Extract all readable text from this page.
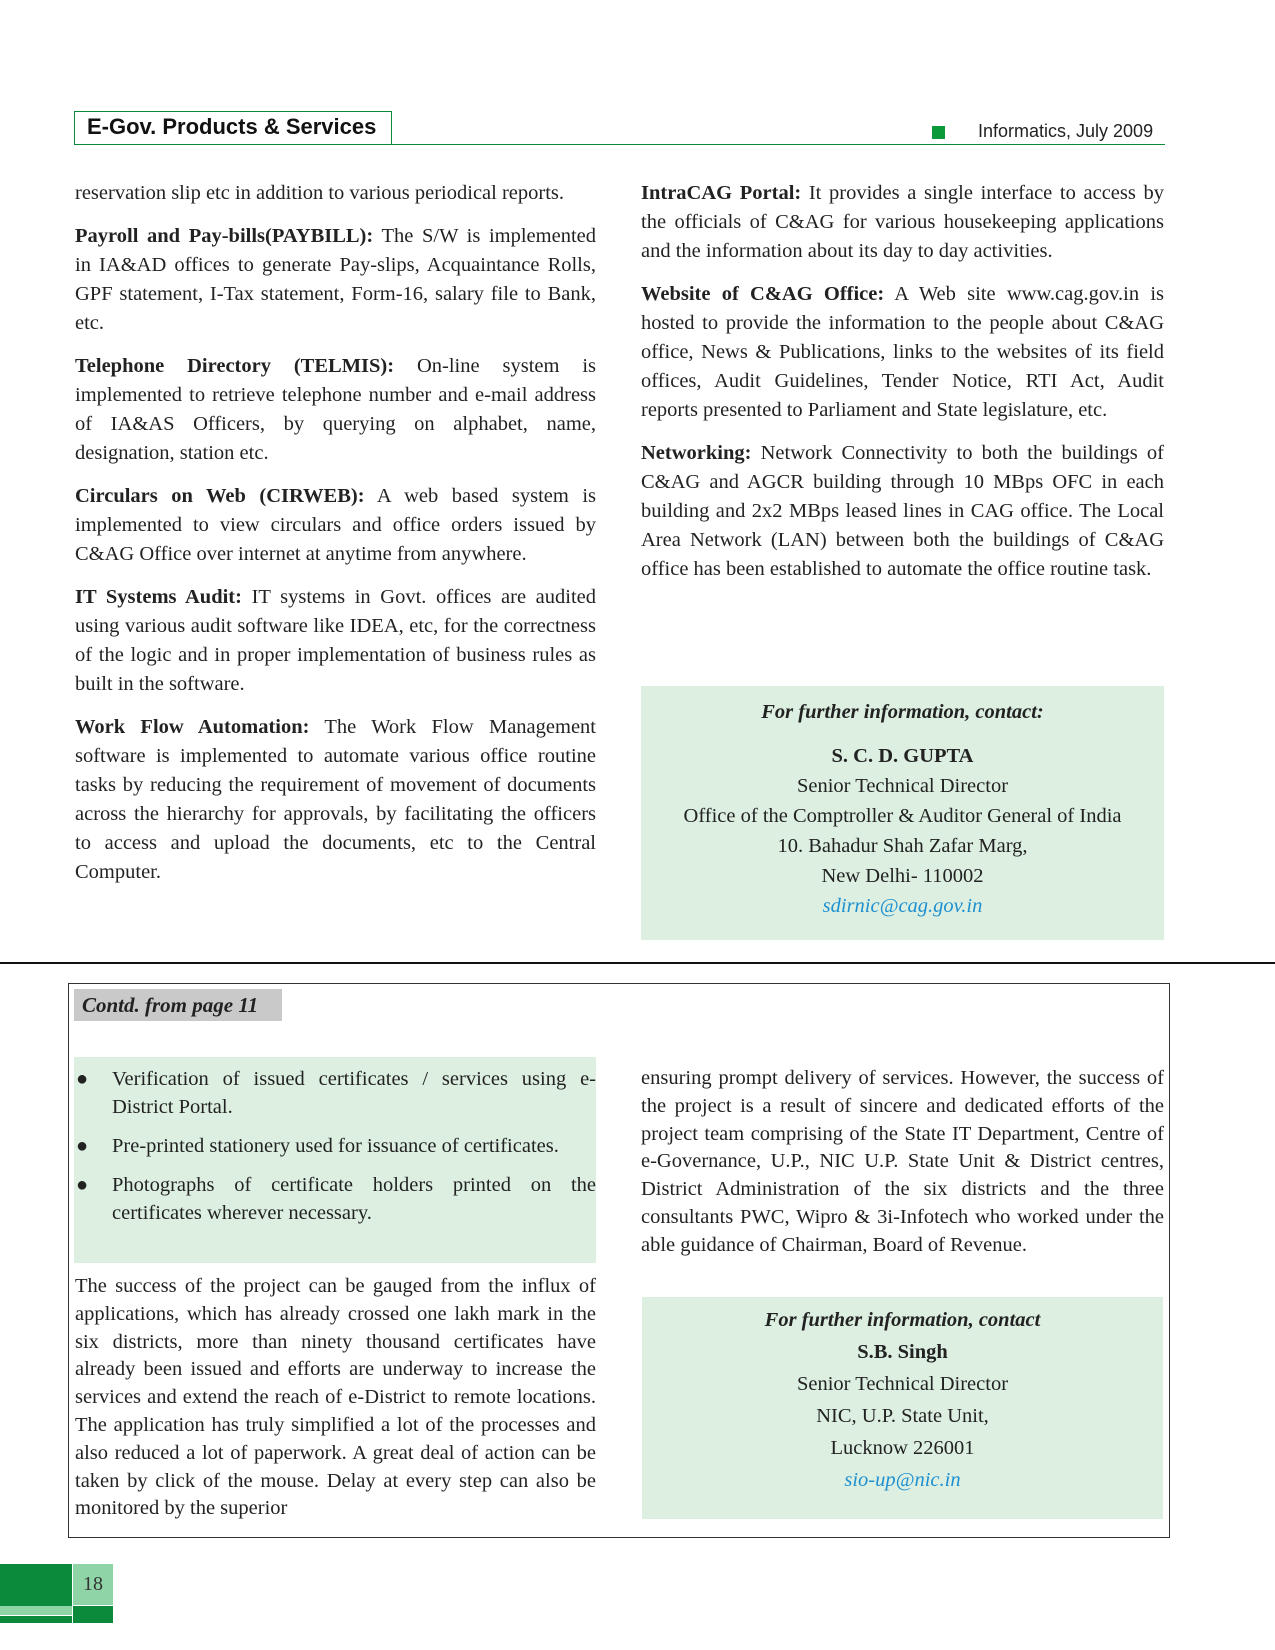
E-Gov. Products & Services	Informatics, July 2009

reservation slip etc in addition to various periodical reports.

Payroll and Pay-bills(PAYBILL): The S/W is implemented in IA&AD offices to generate Pay-slips, Acquaintance Rolls, GPF statement, I-Tax statement, Form-16, salary file to Bank, etc.

Telephone Directory (TELMIS): On-line system is implemented to retrieve telephone number and e-mail address of IA&AS Officers, by querying on alphabet, name, designation, station etc.

Circulars on Web (CIRWEB): A web based system is implemented to view circulars and office orders issued by C&AG Office over internet at anytime from anywhere.

IT Systems Audit: IT systems in Govt. offices are audited using various audit software like IDEA, etc, for the correctness of the logic and in proper implementation of business rules as built in the software.

Work Flow Automation: The Work Flow Management software is implemented to automate various office routine tasks by reducing the requirement of movement of documents across the hierarchy for approvals, by facilitating the officers to access and upload the documents, etc to the Central Computer.

IntraCAG Portal: It provides a single interface to access by the officials of C&AG for various housekeeping applications and the information about its day to day activities.

Website of C&AG Office: A Web site www.cag.gov.in is hosted to provide the information to the people about C&AG office, News & Publications, links to the websites of its field offices, Audit Guidelines, Tender Notice, RTI Act, Audit reports presented to Parliament and State legislature, etc.

Networking: Network Connectivity to both the buildings of C&AG and AGCR building through 10 MBps OFC in each building and 2x2 MBps leased lines in CAG office. The Local Area Network (LAN) between both the buildings of C&AG office has been established to automate the office routine task.

For further information, contact:
S. C. D. GUPTA
Senior Technical Director
Office of the Comptroller & Auditor General of India
10. Bahadur Shah Zafar Marg,
New Delhi- 110002
sdirnic@cag.gov.in
Contd. from page 11
● Verification of issued certificates / services using e-District Portal.
● Pre-printed stationery used for issuance of certificates.
● Photographs of certificate holders printed on the certificates wherever necessary.

The success of the project can be gauged from the influx of applications, which has already crossed one lakh mark in the six districts, more than ninety thousand certificates have already been issued and efforts are underway to increase the services and extend the reach of e-District to remote locations. The application has truly simplified a lot of the processes and also reduced a lot of paperwork. A great deal of action can be taken by click of the mouse. Delay at every step can also be monitored by the superior

ensuring prompt delivery of services. However, the success of the project is a result of sincere and dedicated efforts of the project team comprising of the State IT Department, Centre of e-Governance, U.P., NIC U.P. State Unit & District centres, District Administration of the six districts and the three consultants PWC, Wipro & 3i-Infotech who worked under the able guidance of Chairman, Board of Revenue.

For further information, contact
S.B. Singh
Senior Technical Director
NIC, U.P. State Unit,
Lucknow 226001
sio-up@nic.in
18
